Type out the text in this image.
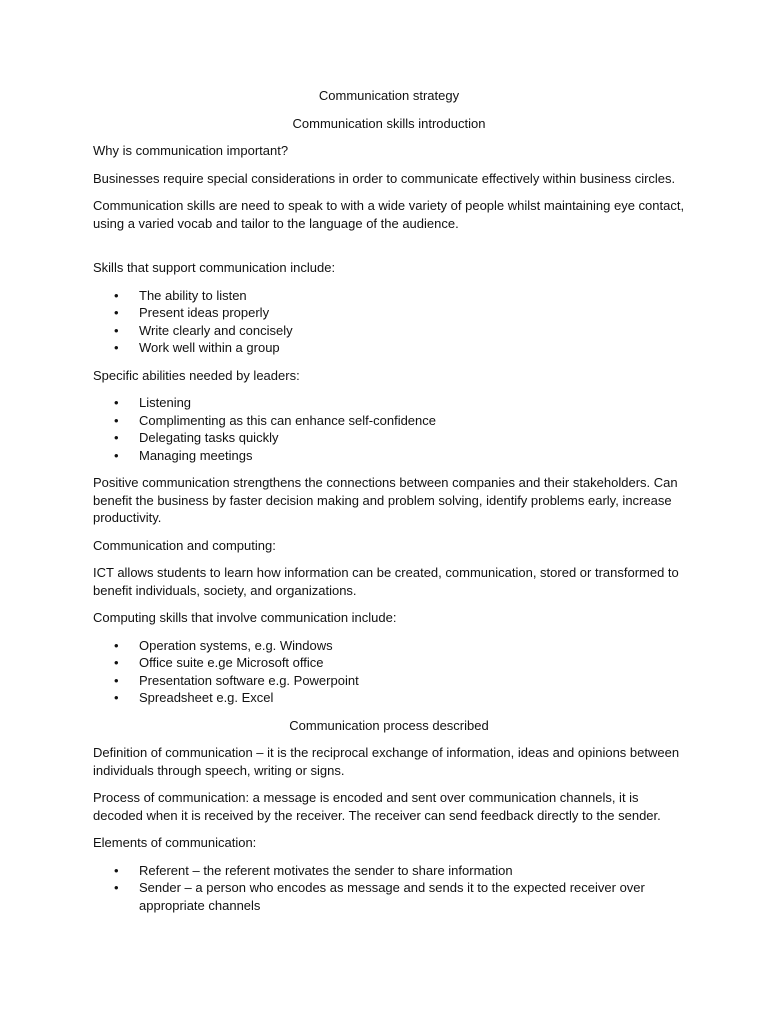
Communication strategy

Communication skills introduction

Why is communication important?

Businesses require special considerations in order to communicate effectively within business circles.

Communication skills are need to speak to with a wide variety of people whilst maintaining eye contact, using a varied vocab and tailor to the language of the audience.

Skills that support communication include:

• The ability to listen
• Present ideas properly
• Write clearly and concisely
• Work well within a group

Specific abilities needed by leaders:

• Listening
• Complimenting as this can enhance self-confidence
• Delegating tasks quickly
• Managing meetings

Positive communication strengthens the connections between companies and their stakeholders. Can benefit the business by faster decision making and problem solving, identify problems early, increase productivity.

Communication and computing:

ICT allows students to learn how information can be created, communication, stored or transformed to benefit individuals, society, and organizations.

Computing skills that involve communication include:

• Operation systems, e.g. Windows
• Office suite e.ge Microsoft office
• Presentation software e.g. Powerpoint
• Spreadsheet e.g. Excel

Communication process described

Definition of communication – it is the reciprocal exchange of information, ideas and opinions between individuals through speech, writing or signs.

Process of communication: a message is encoded and sent over communication channels, it is decoded when it is received by the receiver. The receiver can send feedback directly to the sender.

Elements of communication:

• Referent – the referent motivates the sender to share information
• Sender – a person who encodes as message and sends it to the expected receiver over appropriate channels
